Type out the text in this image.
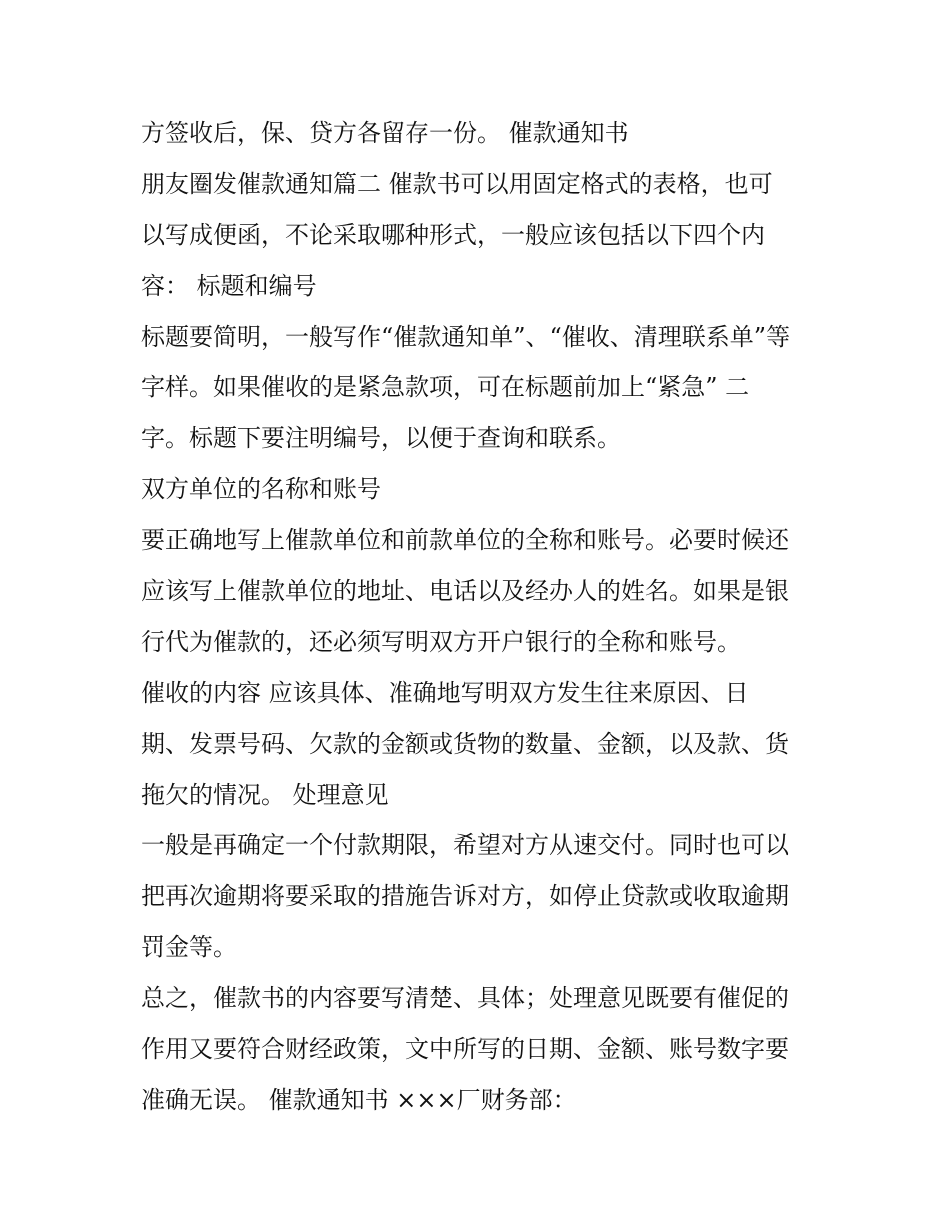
方签收后，保、贷方各留存一份。 催款通知书
朋友圈发催款通知篇二 催款书可以用固定格式的表格，也可
以写成便函，不论采取哪种形式，一般应该包括以下四个内
容： 标题和编号
标题要简明，一般写作“催款通知单”、“催收、清理联系单”等
字样。如果催收的是紧急款项，可在标题前加上“紧急” 二
字。标题下要注明编号，以便于查询和联系。
双方单位的名称和账号
要正确地写上催款单位和前款单位的全称和账号。必要时候还
应该写上催款单位的地址、电话以及经办人的姓名。如果是银
行代为催款的，还必须写明双方开户银行的全称和账号。
催收的内容 应该具体、准确地写明双方发生往来原因、日
期、发票号码、欠款的金额或货物的数量、金额，以及款、货
拖欠的情况。 处理意见
一般是再确定一个付款期限，希望对方从速交付。同时也可以
把再次逾期将要采取的措施告诉对方，如停止贷款或收取逾期
罚金等。
总之，催款书的内容要写清楚、具体；处理意见既要有催促的
作用又要符合财经政策，文中所写的日期、金额、账号数字要
准确无误。 催款通知书 ×××厂财务部：
